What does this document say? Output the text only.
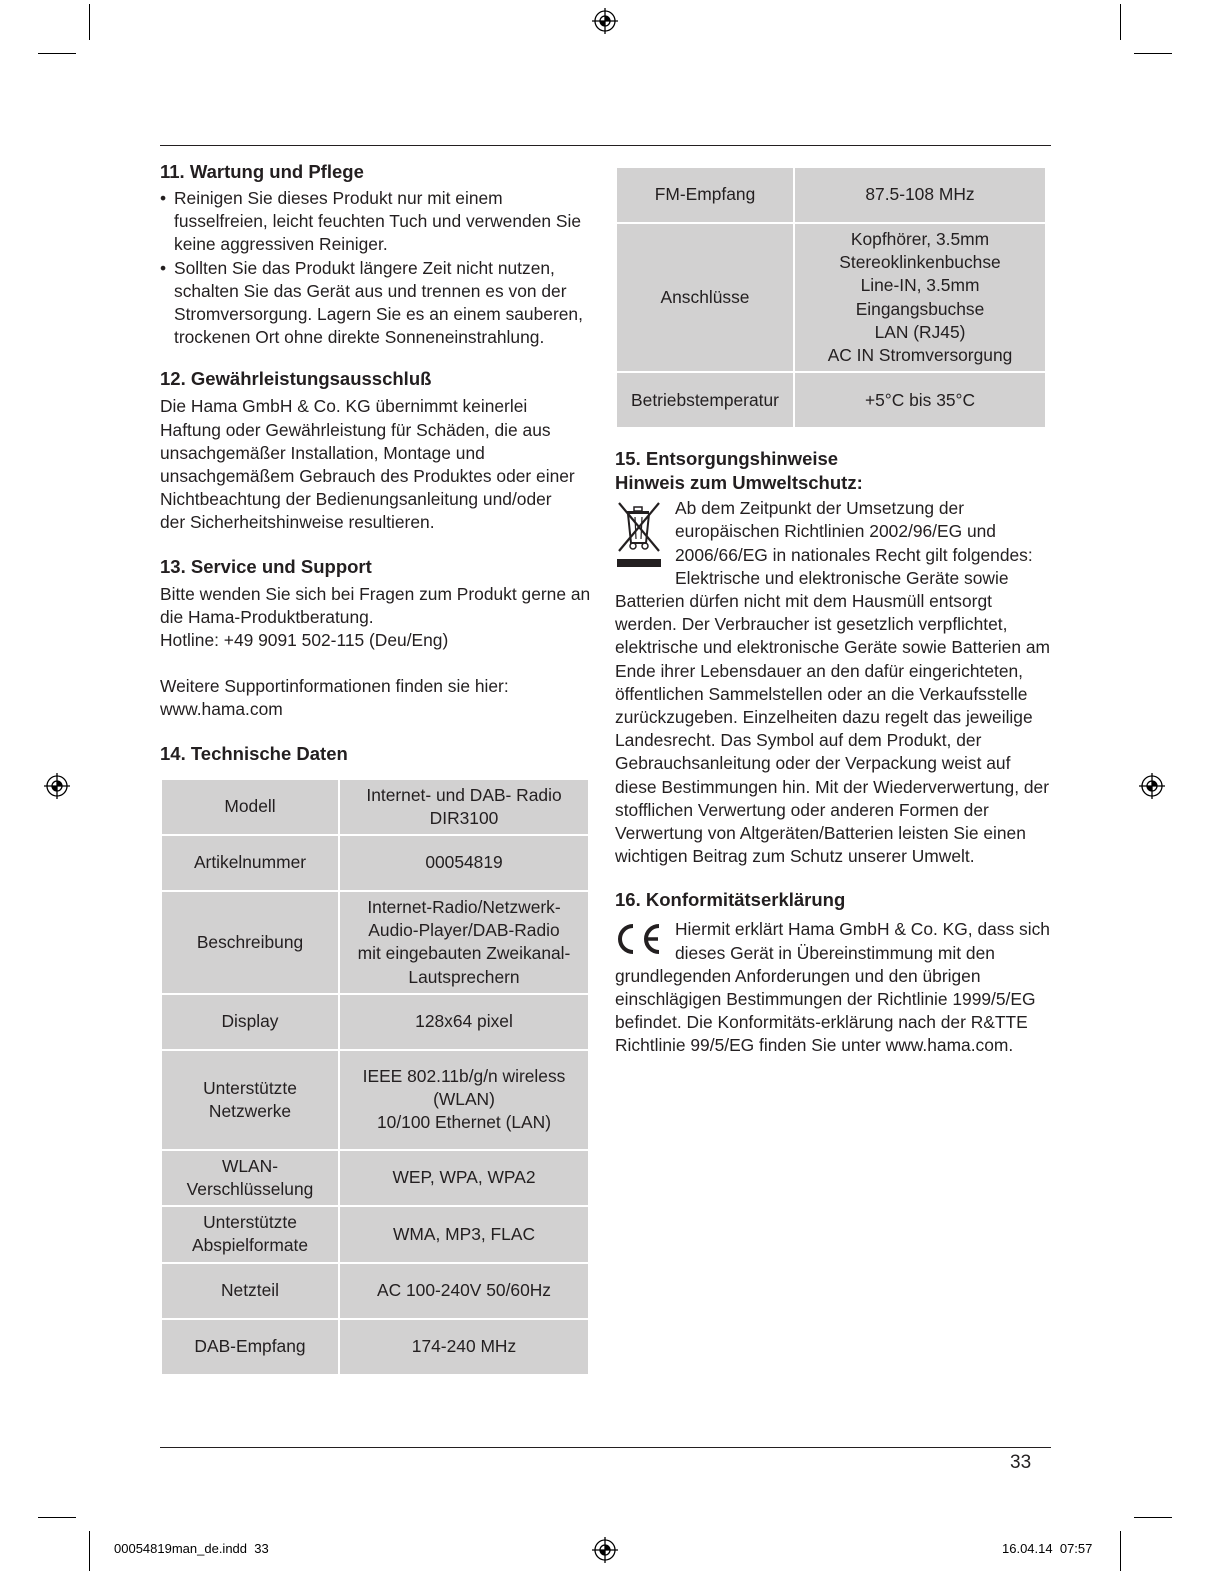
11. Wartung und Pflege
• Reinigen Sie dieses Produkt nur mit einem fusselfreien, leicht feuchten Tuch und verwenden Sie keine aggressiven Reiniger.
• Sollten Sie das Produkt längere Zeit nicht nutzen, schalten Sie das Gerät aus und trennen es von der Stromversorgung. Lagern Sie es an einem sauberen, trockenen Ort ohne direkte Sonneneinstrahlung.
12. Gewährleistungsausschluß

Die Hama GmbH & Co. KG übernimmt keinerlei Haftung oder Gewährleistung für Schäden, die aus unsachgemäßer Installation, Montage und unsachgemäßem Gebrauch des Produktes oder einer Nichtbeachtung der Bedienungsanleitung und/oder der Sicherheitshinweise resultieren.

13. Service und Support

Bitte wenden Sie sich bei Fragen zum Produkt gerne an die Hama-Produktberatung.

Hotline: +49 9091 502-115 (Deu/Eng)

Weitere Supportinformationen finden sie hier:

www.hama.com

14. Technische Daten
Modell	Internet- und DAB- Radio
DIR3100
Artikelnummer	00054819
Beschreibung	Internet-Radio/Netzwerk-
Audio-Player/DAB-Radio
mit eingebauten Zweikanal-
Lautsprechern
Display	128x64 pixel
Unterstützte
Netzwerke	IEEE 802.11b/g/n wireless
(WLAN)
10/100 Ethernet (LAN)
WLAN-
Verschlüsselung	WEP, WPA, WPA2
Unterstützte
Abspielformate	WMA, MP3, FLAC
Netzteil	AC 100-240V 50/60Hz
DAB-Empfang	174-240 MHz
FM-Empfang	87.5-108 MHz
Anschlüsse	Kopfhörer, 3.5mm
Stereoklinkenbuchse
Line-IN, 3.5mm Eingangsbuchse
LAN (RJ45)
AC IN Stromversorgung
Betriebstemperatur	+5°C bis 35°C
15. Entsorgungshinweise
Hinweis zum Umweltschutz:

Ab dem Zeitpunkt der Umsetzung der europäischen Richtlinien 2002/96/EG und 2006/66/EG in nationales Recht gilt folgendes: Elektrische und elektronische Geräte sowie Batterien dürfen nicht mit dem Hausmüll entsorgt werden. Der Verbraucher ist gesetzlich verpflichtet, elektrische und elektronische Geräte sowie Batterien am Ende ihrer Lebensdauer an den dafür eingerichteten, öffentlichen Sammelstellen oder an die Verkaufsstelle zurückzugeben. Einzelheiten dazu regelt das jeweilige Landesrecht. Das Symbol auf dem Produkt, der Gebrauchsanleitung oder der Verpackung weist auf diese Bestimmungen hin. Mit der Wiederverwertung, der stofflichen Verwertung oder anderen Formen der Verwertung von Altgeräten/Batterien leisten Sie einen wichtigen Beitrag zum Schutz unserer Umwelt.

16. Konformitätserklärung

Hiermit erklärt Hama GmbH & Co. KG, dass sich dieses Gerät in Übereinstimmung mit den grundlegenden Anforderungen und den übrigen einschlägigen Bestimmungen der Richtlinie 1999/5/EG befindet. Die Konformitäts-erklärung nach der R&TTE Richtlinie 99/5/EG finden Sie unter www.hama.com.

33
00054819man_de.indd 33	16.04.14 07:57
